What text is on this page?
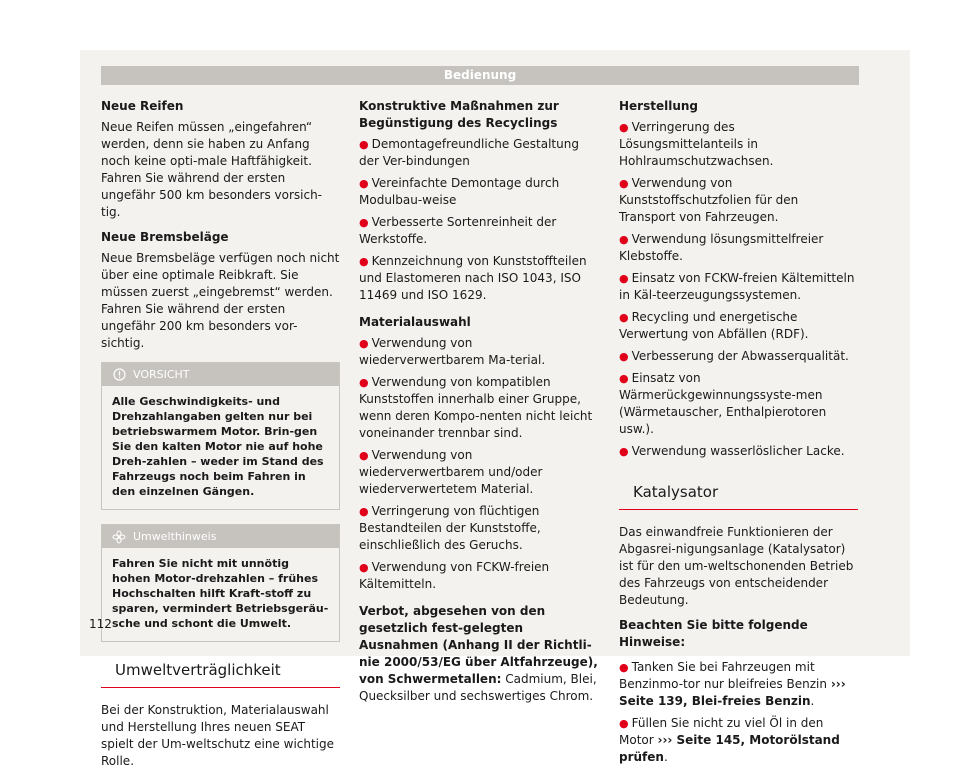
Bedienung

Neue Reifen

Neue Reifen müssen „eingefahren“ werden, denn sie haben zu Anfang noch keine opti-male Haftfähigkeit. Fahren Sie während der ersten ungefähr 500 km besonders vorsich-tig.

Neue Bremsbeläge

Neue Bremsbeläge verfügen noch nicht über eine optimale Reibkraft. Sie müssen zuerst „eingebremst“ werden. Fahren Sie während der ersten ungefähr 200 km besonders vor-sichtig.

VORSICHT
Alle Geschwindigkeits- und Drehzahlangaben gelten nur bei betriebswarmem Motor. Brin-gen Sie den kalten Motor nie auf hohe Dreh-zahlen – weder im Stand des Fahrzeugs noch beim Fahren in den einzelnen Gängen.
Umwelthinweis
Fahren Sie nicht mit unnötig hohen Motor-drehzahlen – frühes Hochschalten hilft Kraft-stoff zu sparen, vermindert Betriebsgeräu-sche und schont die Umwelt.
Umweltverträglichkeit

Bei der Konstruktion, Materialauswahl und Herstellung Ihres neuen SEAT spielt der Um-weltschutz eine wichtige Rolle.

Konstruktive Maßnahmen zur Begünstigung des Recyclings

● Demontagefreundliche Gestaltung der Ver-bindungen
● Vereinfachte Demontage durch Modulbau-weise
● Verbesserte Sortenreinheit der Werkstoffe.
● Kennzeichnung von Kunststoffteilen und Elastomeren nach ISO 1043, ISO 11469 und ISO 1629.

Materialauswahl

● Verwendung von wiederverwertbarem Ma-terial.
● Verwendung von kompatiblen Kunststoffen innerhalb einer Gruppe, wenn deren Kompo-nenten nicht leicht voneinander trennbar sind.
● Verwendung von wiederverwertbarem und/oder wiederverwertetem Material.
● Verringerung von flüchtigen Bestandteilen der Kunststoffe, einschließlich des Geruchs.
● Verwendung von FCKW-freien Kältemitteln.

Verbot, abgesehen von den gesetzlich fest-gelegten Ausnahmen (Anhang II der Richtli-nie 2000/53/EG über Altfahrzeuge), von Schwermetallen: Cadmium, Blei, Quecksilber und sechswertiges Chrom.

Herstellung

● Verringerung des Lösungsmittelanteils in Hohlraumschutzwachsen.
● Verwendung von Kunststoffschutzfolien für den Transport von Fahrzeugen.
● Verwendung lösungsmittelfreier Klebstoffe.
● Einsatz von FCKW-freien Kältemitteln in Käl-teerzeugungssystemen.
● Recycling und energetische Verwertung von Abfällen (RDF).
● Verbesserung der Abwasserqualität.
● Einsatz von Wärmerückgewinnungssyste-men (Wärmetauscher, Enthalpierotoren usw.).
● Verwendung wasserlöslicher Lacke.
Katalysator

Das einwandfreie Funktionieren der Abgasrei-nigungsanlage (Katalysator) ist für den um-weltschonenden Betrieb des Fahrzeugs von entscheidender Bedeutung.

Beachten Sie bitte folgende Hinweise:

● Tanken Sie bei Fahrzeugen mit Benzinmo-tor nur bleifreies Benzin ››› Seite 139, Blei-freies Benzin.
● Füllen Sie nicht zu viel Öl in den Motor ››› Seite 145, Motorölstand prüfen.
112
